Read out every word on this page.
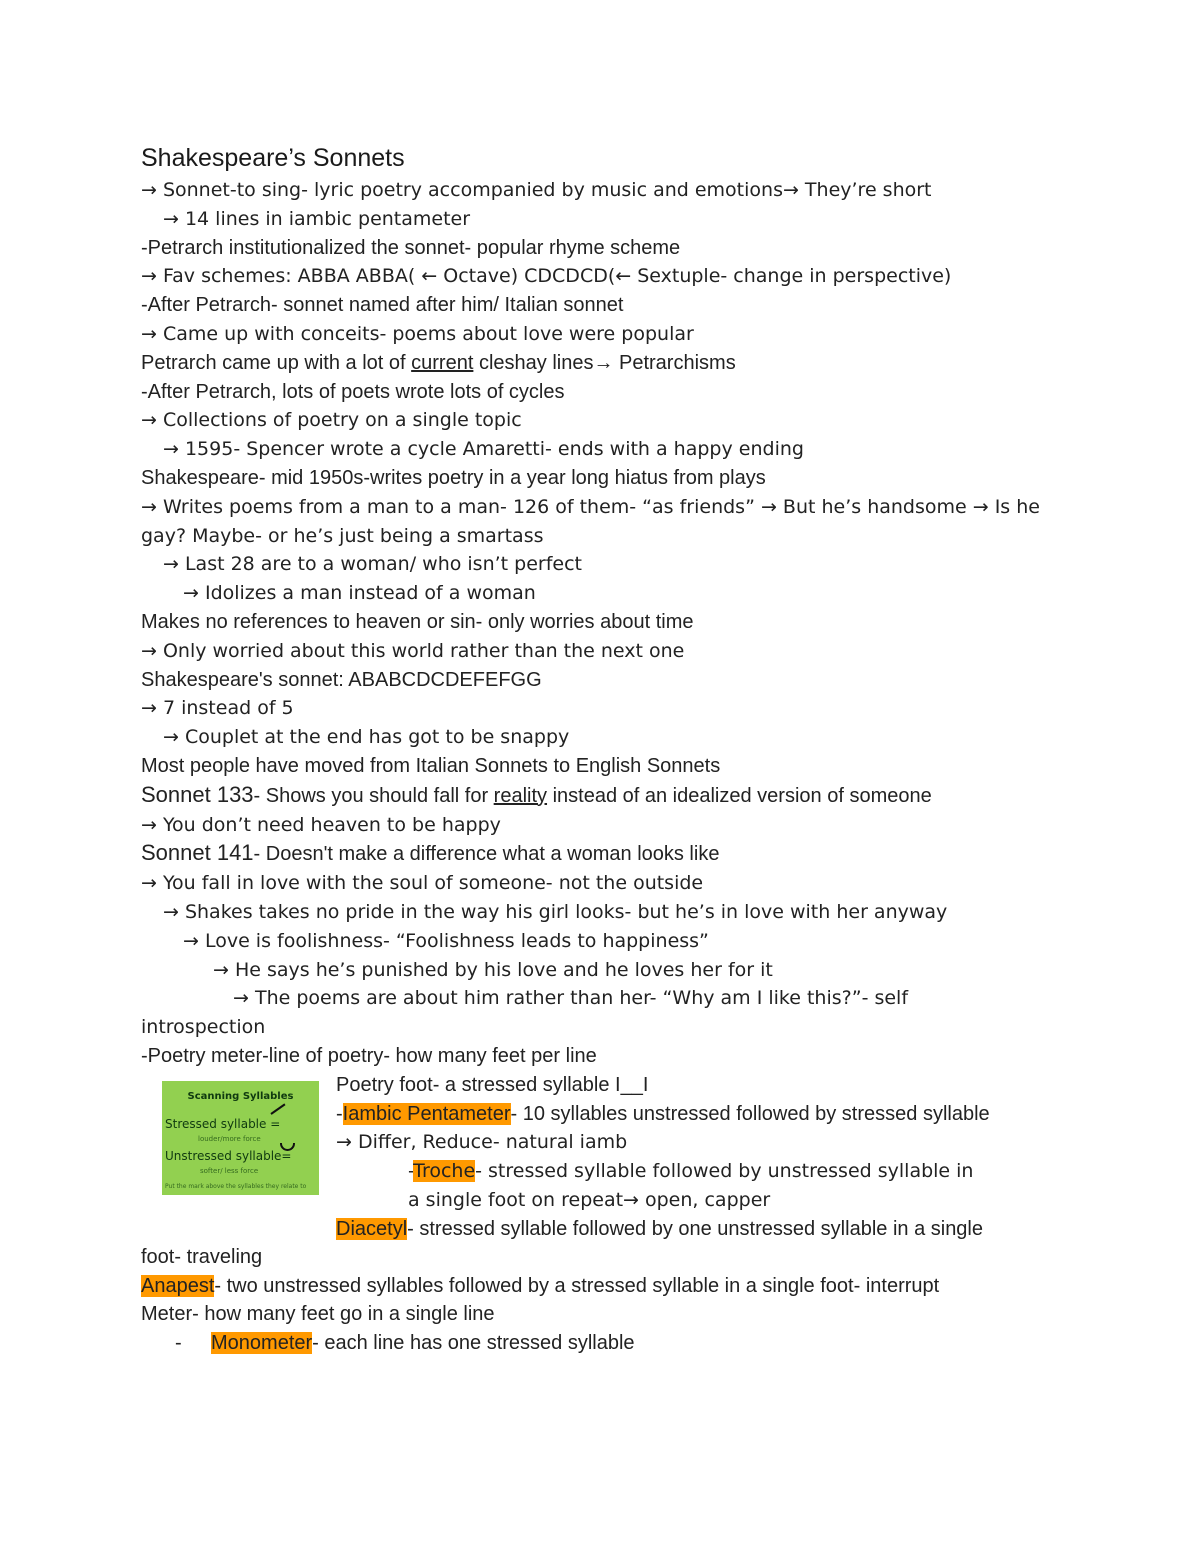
Shakespeare’s Sonnets

→ Sonnet-to sing- lyric poetry accompanied by music and emotions→ They’re short

→ 14 lines in iambic pentameter

-Petrarch institutionalized the sonnet- popular rhyme scheme

→ Fav schemes: ABBA ABBA( ← Octave) CDCDCD(← Sextuple- change in perspective)

-After Petrarch- sonnet named after him/ Italian sonnet

→ Came up with conceits- poems about love were popular

Petrarch came up with a lot of current cleshay lines→ Petrarchisms

-After Petrarch, lots of poets wrote lots of cycles

→ Collections of poetry on a single topic

→ 1595- Spencer wrote a cycle Amaretti- ends with a happy ending

Shakespeare- mid 1950s-writes poetry in a year long hiatus from plays

→ Writes poems from a man to a man- 126 of them- “as friends” → But he’s handsome → Is he gay? Maybe- or he’s just being a smartass

→ Last 28 are to a woman/ who isn’t perfect

→ Idolizes a man instead of a woman

Makes no references to heaven or sin- only worries about time

→ Only worried about this world rather than the next one

Shakespeare's sonnet: ABABCDCDEFEFGG

→ 7 instead of 5

→ Couplet at the end has got to be snappy

Most people have moved from Italian Sonnets to English Sonnets

Sonnet 133- Shows you should fall for reality instead of an idealized version of someone

→ You don’t need heaven to be happy

Sonnet 141- Doesn't make a difference what a woman looks like

→ You fall in love with the soul of someone- not the outside

→ Shakes takes no pride in the way his girl looks- but he’s in love with her anyway

→ Love is foolishness- “Foolishness leads to happiness”

→ He says he’s punished by his love and he loves her for it

→ The poems are about him rather than her- “Why am I like this?”- self

introspection

-Poetry meter-line of poetry- how many feet per line

Scanning Syllables
Stressed syllable =
louder/more force
Unstressed syllable=
softer/ less force
Put the mark above the syllables they relate to

Poetry foot- a stressed syllable I__I

-Iambic Pentameter- 10 syllables unstressed followed by stressed syllable

→ Differ, Reduce- natural iamb

-Troche- stressed syllable followed by unstressed syllable in

a single foot on repeat→ open, capper

Diacetyl- stressed syllable followed by one unstressed syllable in a single

foot- traveling

Anapest- two unstressed syllables followed by a stressed syllable in a single foot- interrupt

Meter- how many feet go in a single line

- Monometer- each line has one stressed syllable
